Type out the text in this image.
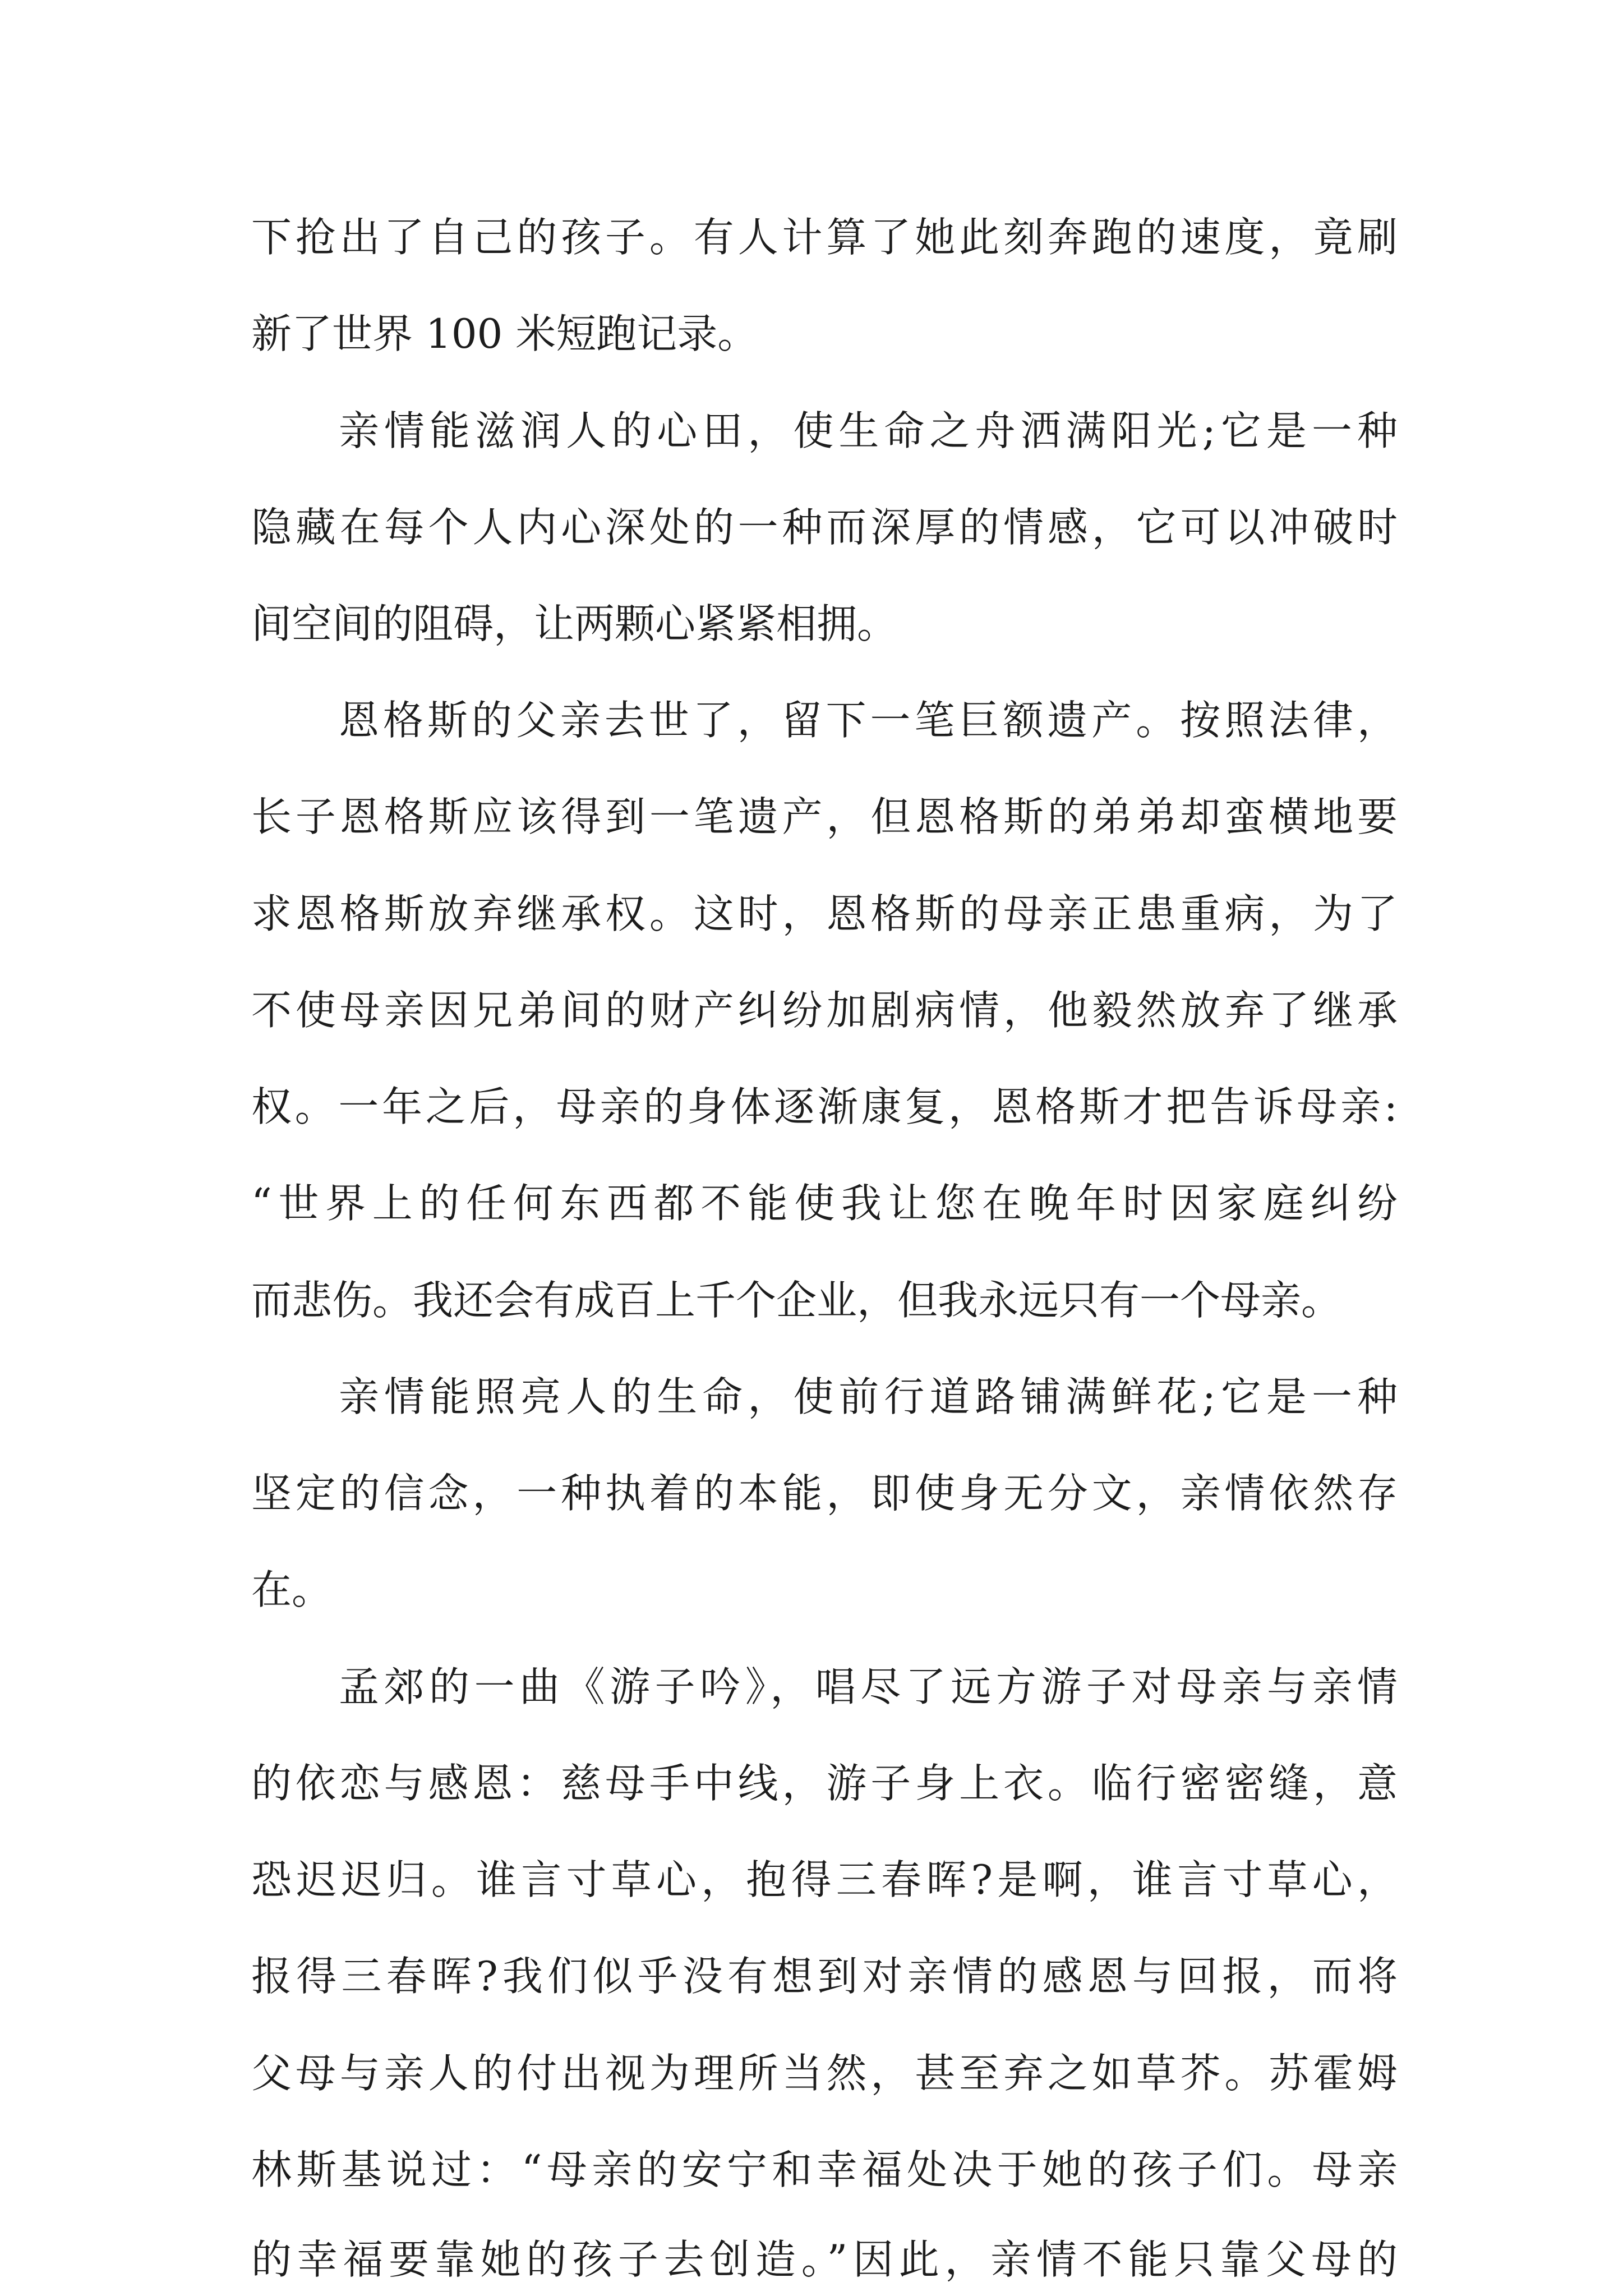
下抢出了自己的孩子。有人计算了她此刻奔跑的速度，竟刷
新了世界 100 米短跑记录。
亲情能滋润人的心田，使生命之舟洒满阳光;它是一种
隐藏在每个人内心深处的一种而深厚的情感，它可以冲破时
间空间的阻碍，让两颗心紧紧相拥。
恩格斯的父亲去世了，留下一笔巨额遗产。按照法律，
长子恩格斯应该得到一笔遗产，但恩格斯的弟弟却蛮横地要
求恩格斯放弃继承权。这时，恩格斯的母亲正患重病，为了
不使母亲因兄弟间的财产纠纷加剧病情，他毅然放弃了继承
权。一年之后，母亲的身体逐渐康复，恩格斯才把告诉母亲:
“世界上的任何东西都不能使我让您在晚年时因家庭纠纷
而悲伤。我还会有成百上千个企业，但我永远只有一个母亲。
亲情能照亮人的生命，使前行道路铺满鲜花;它是一种
坚定的信念，一种执着的本能，即使身无分文，亲情依然存
在。
孟郊的一曲《游子吟》，唱尽了远方游子对母亲与亲情
的依恋与感恩：慈母手中线，游子身上衣。临行密密缝，意
恐迟迟归。谁言寸草心，抱得三春晖?是啊，谁言寸草心，
报得三春晖?我们似乎没有想到对亲情的感恩与回报，而将
父母与亲人的付出视为理所当然，甚至弃之如草芥。苏霍姆
林斯基说过：“母亲的安宁和幸福处决于她的孩子们。母亲
的幸福要靠她的孩子去创造。”因此，亲情不能只靠父母的
